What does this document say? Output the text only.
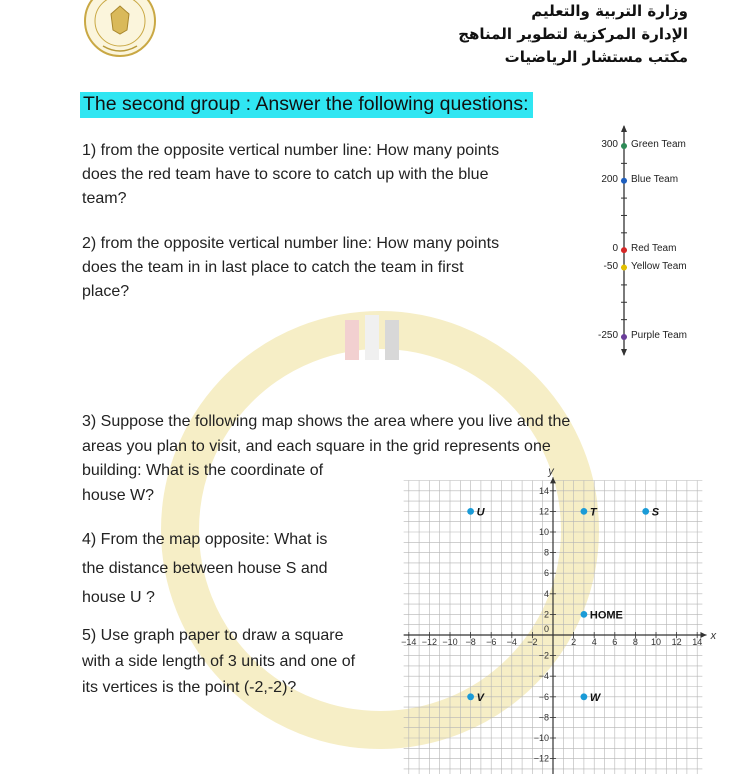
وزارة التربية والتعليم
الإدارة المركزية لتطوير المناهج
مكتب مستشار الرياضيات
The second group : Answer the following questions:
1) from the opposite vertical number line: How many points
does the red team have to score to catch up with the blue
team?
2) from the opposite vertical number line: How many points
does the team in in last place to catch the team in first
place?
3) Suppose the following map shows the area where you live and the
areas you plan to visit, and each square in the grid represents one
building: What is the coordinate of
house W?
4) From the map opposite: What is
the distance between house S and
house U ?
5) Use graph paper to draw a square
with a side length of 3 units and one of
its vertices is the point (-2,-2)?
300 Green Team
200 Blue Team
0 Red Team
-50 Yellow Team
-250 Purple Team
x
y
−14 −12 −10 −8 −6 −4 −2
0
2 4 6 8 10 12 14
14
12
10
8
6
4
2
−2
−4
−6
−8
−10
−12
U	T	S
HOME
V	W
